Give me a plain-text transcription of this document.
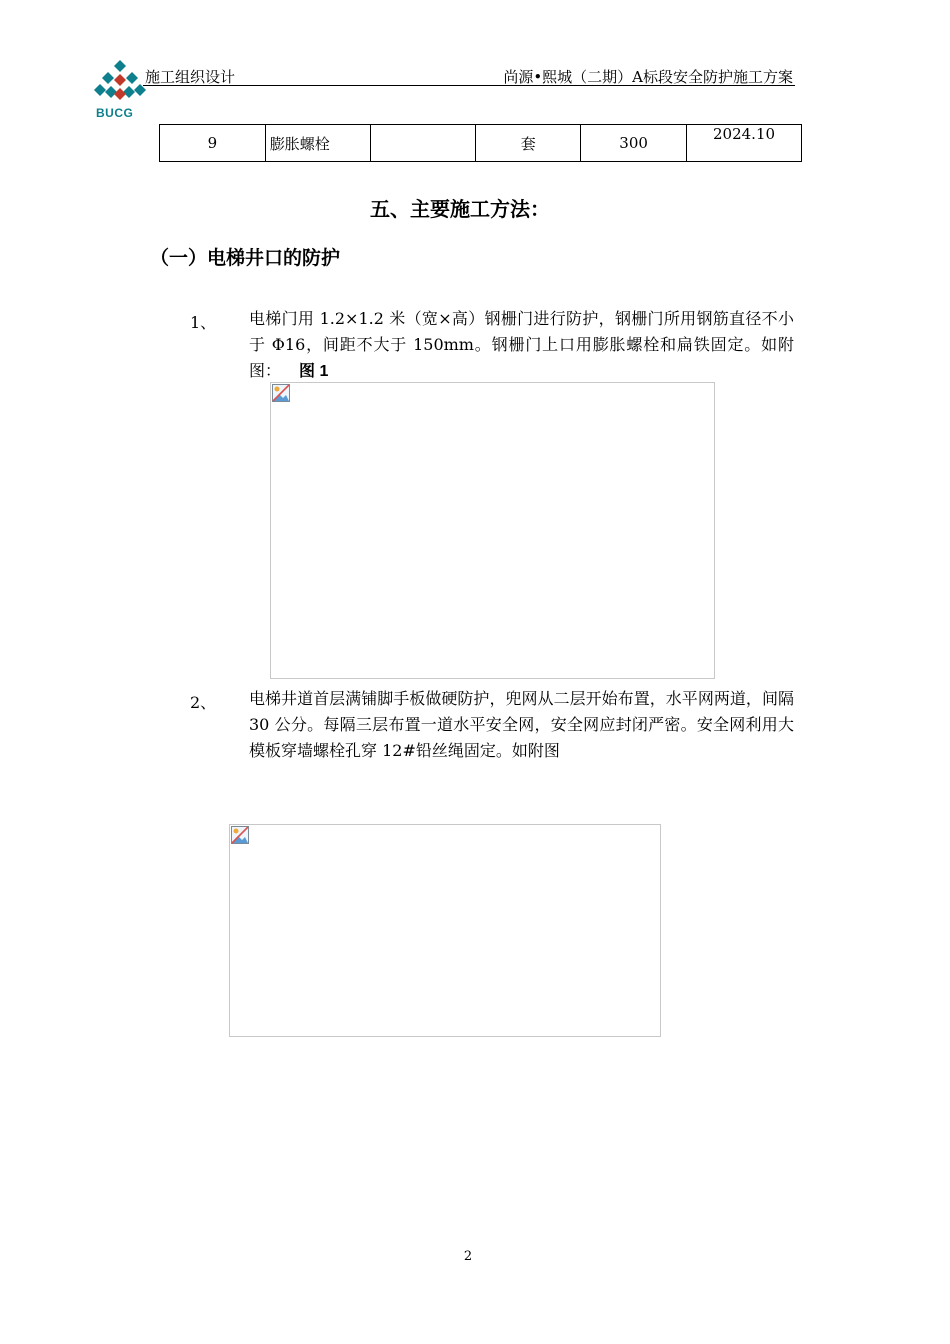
BUCG
施工组织设计	尚源•熙城（二期）A标段安全防护施工方案
9	膨胀螺栓		套	300	2024.10
五、主要施工方法：
（一）电梯井口的防护
1、 电梯门用 1.2×1.2 米（宽×高）钢栅门进行防护，钢栅门所用钢筋直径不小于 Φ16，间距不大于 150mm。钢栅门上口用膨胀螺栓和扁铁固定。如附图： 图 1
2、 电梯井道首层满铺脚手板做硬防护，兜网从二层开始布置，水平网两道，间隔 30 公分。每隔三层布置一道水平安全网，安全网应封闭严密。安全网利用大模板穿墙螺栓孔穿 12#铅丝绳固定。如附图
2
